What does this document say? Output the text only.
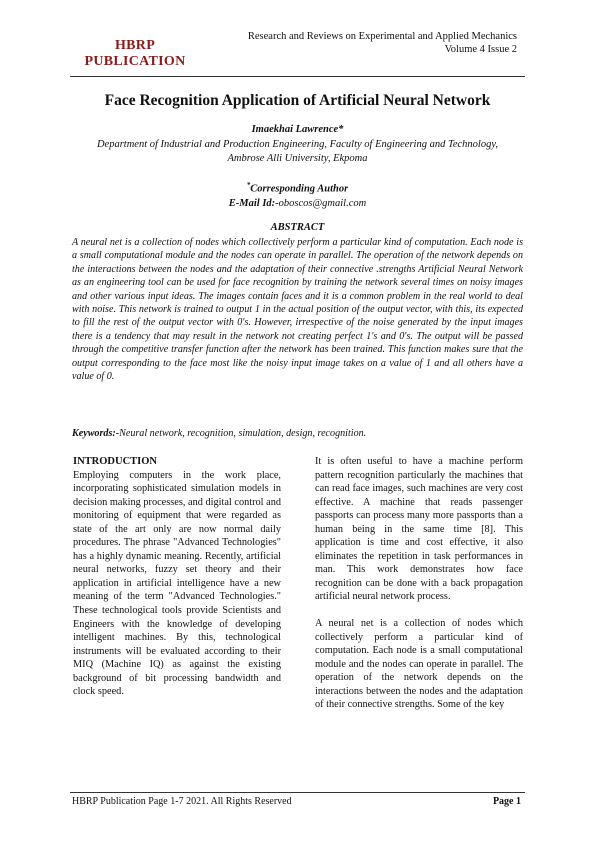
HBRP
PUBLICATION
Research and Reviews on Experimental and Applied Mechanics
Volume 4 Issue 2
Face Recognition Application of Artificial Neural Network
Imaekhai Lawrence*
Department of Industrial and Production Engineering, Faculty of Engineering and Technology, Ambrose Alli University, Ekpoma
*Corresponding Author
E-Mail Id:-oboscos@gmail.com
ABSTRACT
A neural net is a collection of nodes which collectively perform a particular kind of computation. Each node is a small computational module and the nodes can operate in parallel. The operation of the network depends on the interactions between the nodes and the adaptation of their connective .strengths Artificial Neural Network as an engineering tool can be used for face recognition by training the network several times on noisy images and other various input ideas. The images contain faces and it is a common problem in the real world to deal with noise. This network is trained to output 1 in the actual position of the output vector, with this, its expected to fill the rest of the output vector with 0's. However, irrespective of the noise generated by the input images there is a tendency that may result in the network not creating perfect 1's and 0's. The output will be passed through the competitive transfer function after the network has been trained. This function makes sure that the output corresponding to the face most like the noisy input image takes on a value of 1 and all others have a value of 0.
Keywords:-Neural network, recognition, simulation, design, recognition.
INTRODUCTION

Employing computers in the work place, incorporating sophisticated simulation models in decision making processes, and digital control and monitoring of equipment that were regarded as state of the art only are now normal daily procedures. The phrase "Advanced Technologies" has a highly dynamic meaning. Recently, artificial neural networks, fuzzy set theory and their application in artificial intelligence have a new meaning of the term "Advanced Technologies." These technological tools provide Scientists and Engineers with the knowledge of developing intelligent machines. By this, technological instruments will be evaluated according to their MIQ (Machine IQ) as against the existing background of bit processing bandwidth and clock speed.

It is often useful to have a machine perform pattern recognition particularly the machines that can read face images, such machines are very cost effective. A machine that reads passenger passports can process many more passports than a human being in the same time [8]. This application is time and cost effective, it also eliminates the repetition in task performances in man. This work demonstrates how face recognition can be done with a back propagation artificial neural network process.

A neural net is a collection of nodes which collectively perform a particular kind of computation. Each node is a small computational module and the nodes can operate in parallel. The operation of the network depends on the interactions between the nodes and the adaptation of their connective strengths. Some of the key

HBRP Publication Page 1-7 2021. All Rights Reserved	Page 1
